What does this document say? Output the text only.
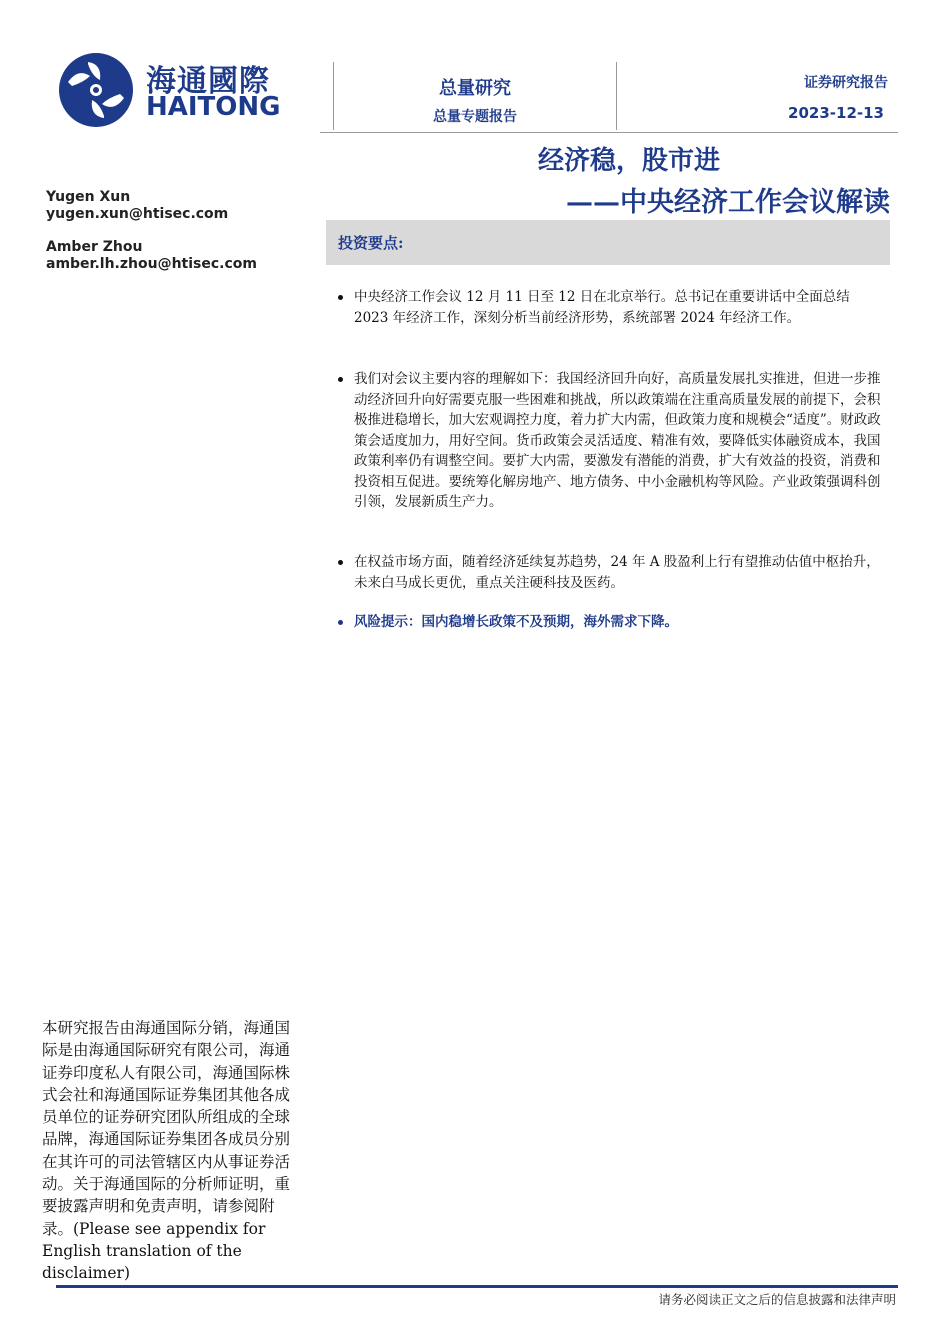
海通國際
HAITONG
总量研究
总量专题报告
证券研究报告
2023-12-13
经济稳，股市进
——中央经济工作会议解读
Yugen Xun
yugen.xun@htisec.com
Amber Zhou
amber.lh.zhou@htisec.com
投资要点:
中央经济工作会议 12 月 11 日至 12 日在北京举行。总书记在重要讲话中全面总结 2023 年经济工作，深刻分析当前经济形势，系统部署 2024 年经济工作。
我们对会议主要内容的理解如下：我国经济回升向好，高质量发展扎实推进，但进一步推动经济回升向好需要克服一些困难和挑战，所以政策端在注重高质量发展的前提下，会积极推进稳增长，加大宏观调控力度，着力扩大内需，但政策力度和规模会“适度”。财政政策会适度加力，用好空间。货币政策会灵活适度、精准有效，要降低实体融资成本，我国政策利率仍有调整空间。要扩大内需，要激发有潜能的消费，扩大有效益的投资，消费和投资相互促进。要统筹化解房地产、地方债务、中小金融机构等风险。产业政策强调科创引领，发展新质生产力。
在权益市场方面，随着经济延续复苏趋势，24 年 A 股盈利上行有望推动估值中枢抬升，未来白马成长更优，重点关注硬科技及医药。
风险提示：国内稳增长政策不及预期，海外需求下降。
本研究报告由海通国际分销，海通国际是由海通国际研究有限公司，海通证券印度私人有限公司，海通国际株式会社和海通国际证券集团其他各成员单位的证券研究团队所组成的全球品牌，海通国际证券集团各成员分别在其许可的司法管辖区内从事证券活动。关于海通国际的分析师证明，重要披露声明和免责声明，请参阅附录。(Please see appendix for English translation of the disclaimer)
请务必阅读正文之后的信息披露和法律声明
